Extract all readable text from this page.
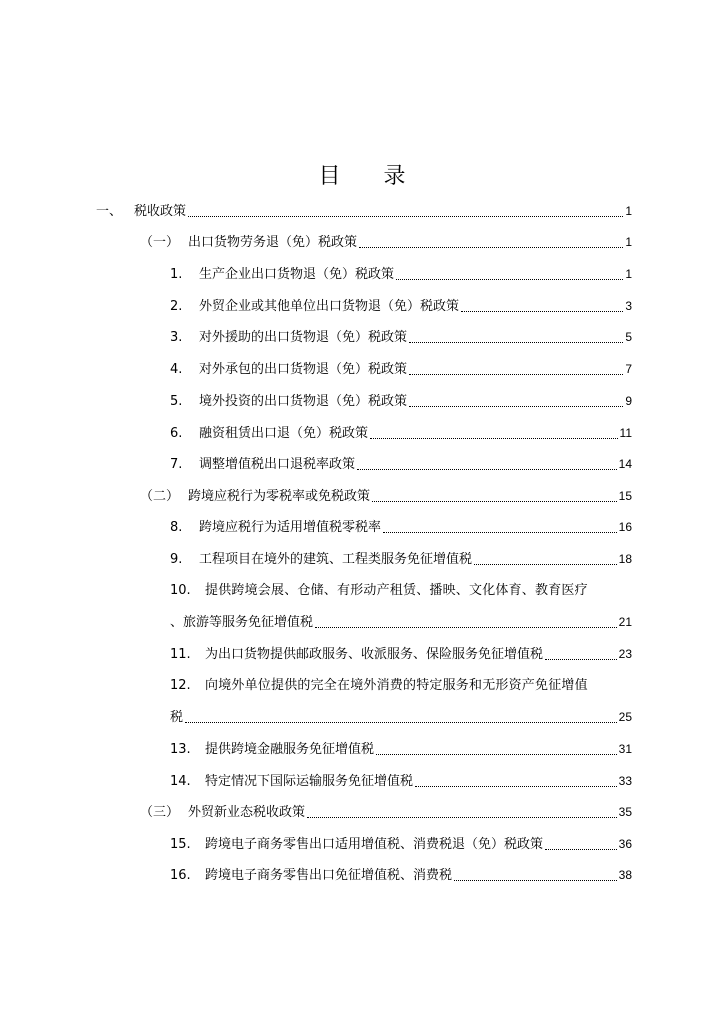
目 录
一、 税收政策	1
（一） 出口货物劳务退（免）税政策	1
1.	生产企业出口货物退（免）税政策	1
2.	外贸企业或其他单位出口货物退（免）税政策	3
3.	对外援助的出口货物退（免）税政策	5
4.	对外承包的出口货物退（免）税政策	7
5.	境外投资的出口货物退（免）税政策	9
6.	融资租赁出口退（免）税政策	11
7.	调整增值税出口退税率政策	14
（二） 跨境应税行为零税率或免税政策	15
8.	跨境应税行为适用增值税零税率	16
9.	工程项目在境外的建筑、工程类服务免征增值税	18
10.	提供跨境会展、仓储、有形动产租赁、播映、文化体育、教育医疗
、旅游等服务免征增值税	21
11.	为出口货物提供邮政服务、收派服务、保险服务免征增值税	23
12.	向境外单位提供的完全在境外消费的特定服务和无形资产免征增值
税	25
13.	提供跨境金融服务免征增值税	31
14.	特定情况下国际运输服务免征增值税	33
（三） 外贸新业态税收政策	35
15.	跨境电子商务零售出口适用增值税、消费税退（免）税政策	36
16.	跨境电子商务零售出口免征增值税、消费税	38
